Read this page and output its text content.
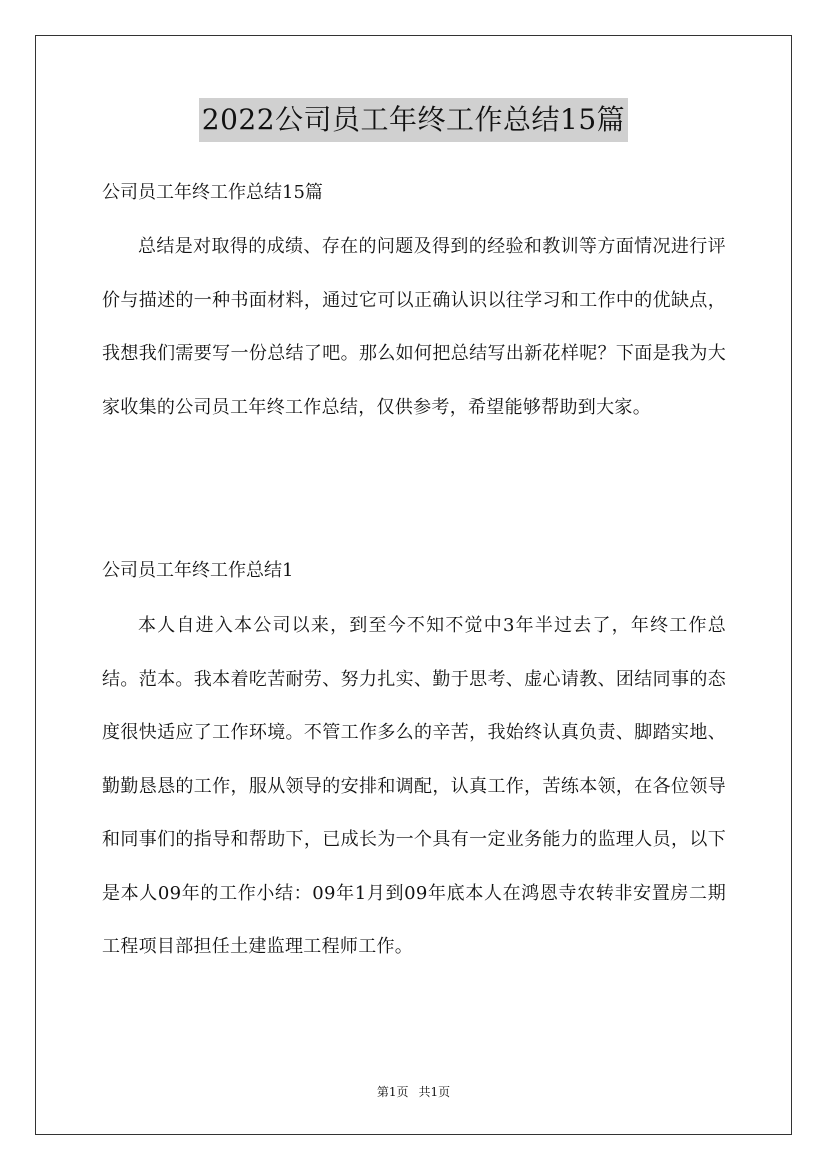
2022公司员工年终工作总结15篇
公司员工年终工作总结15篇

总结是对取得的成绩、存在的问题及得到的经验和教训等方面情况进行评价与描述的一种书面材料，通过它可以正确认识以往学习和工作中的优缺点，我想我们需要写一份总结了吧。那么如何把总结写出新花样呢？下面是我为大家收集的公司员工年终工作总结，仅供参考，希望能够帮助到大家。

公司员工年终工作总结1

本人自进入本公司以来，到至今不知不觉中3年半过去了，年终工作总结。范本。我本着吃苦耐劳、努力扎实、勤于思考、虚心请教、团结同事的态度很快适应了工作环境。不管工作多么的辛苦，我始终认真负责、脚踏实地、勤勤恳恳的工作，服从领导的安排和调配，认真工作，苦练本领，在各位领导和同事们的指导和帮助下，已成长为一个具有一定业务能力的监理人员，以下是本人09年的工作小结：09年1月到09年底本人在鸿恩寺农转非安置房二期工程项目部担任土建监理工程师工作。

第1页 共1页
